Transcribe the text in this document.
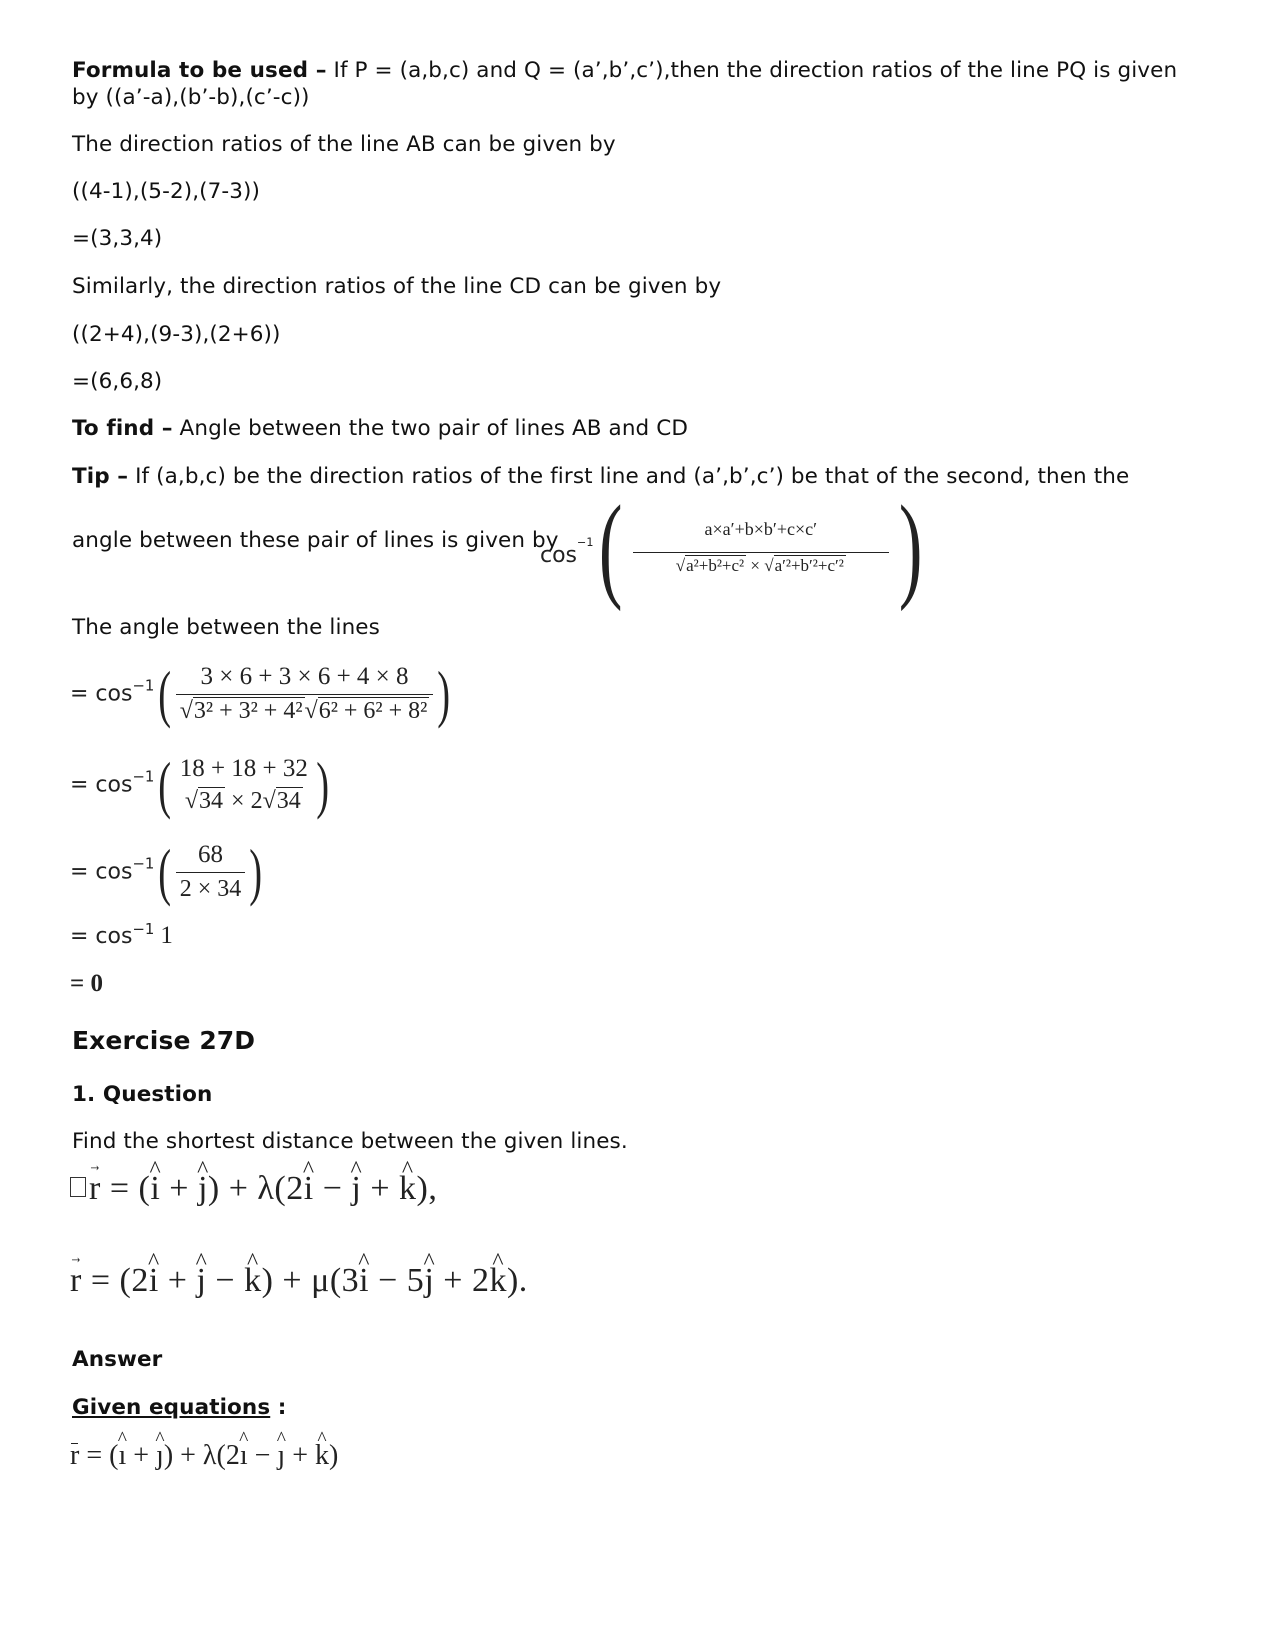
Formula to be used – If P = (a,b,c) and Q = (a’,b’,c’),then the direction ratios of the line PQ is given
by ((a’-a),(b’-b),(c’-c))
The direction ratios of the line AB can be given by
((4-1),(5-2),(7-3))
=(3,3,4)
Similarly, the direction ratios of the line CD can be given by
((2+4),(9-3),(2+6))
=(6,6,8)
To find – Angle between the two pair of lines AB and CD
Tip – If (a,b,c) be the direction ratios of the first line and (a’,b’,c’) be that of the second, then the
angle between these pair of lines is given by
$\cos^{-1}( \frac{a\times a'+b\times b'+c\times c'}{\text{√a²+b²+c² × √a′²+b′²+c′²}}$ )
The angle between the lines
= $\cos^{-1}( \frac{3 \times 6 + 3 \times 6 + 4 \times 8}{\text{√3² + 3² + 4²√6² + 6² + 8²}}$ )
= $\cos^{-1}$( 18 + 18 + 32
√34 × 2√34 )
= $\cos^{-1}( \frac{68}{2 \times 34}$ )
= $\cos^{-1} 1$
= 0
Exercise 27D
1. Question
Find the shortest distance between the given lines.
r → = (i ^ + j ^) + λ(2i ^ − j ^ + k ^),
r → = (2i ^ + j ^ − k ^) + μ(3i ^ − 5j ^ + 2k ^).
Answer
Given equations :
r = (ı ^ + ȷ ^) + λ(2ı ^ − ȷ ^ + k ^)
